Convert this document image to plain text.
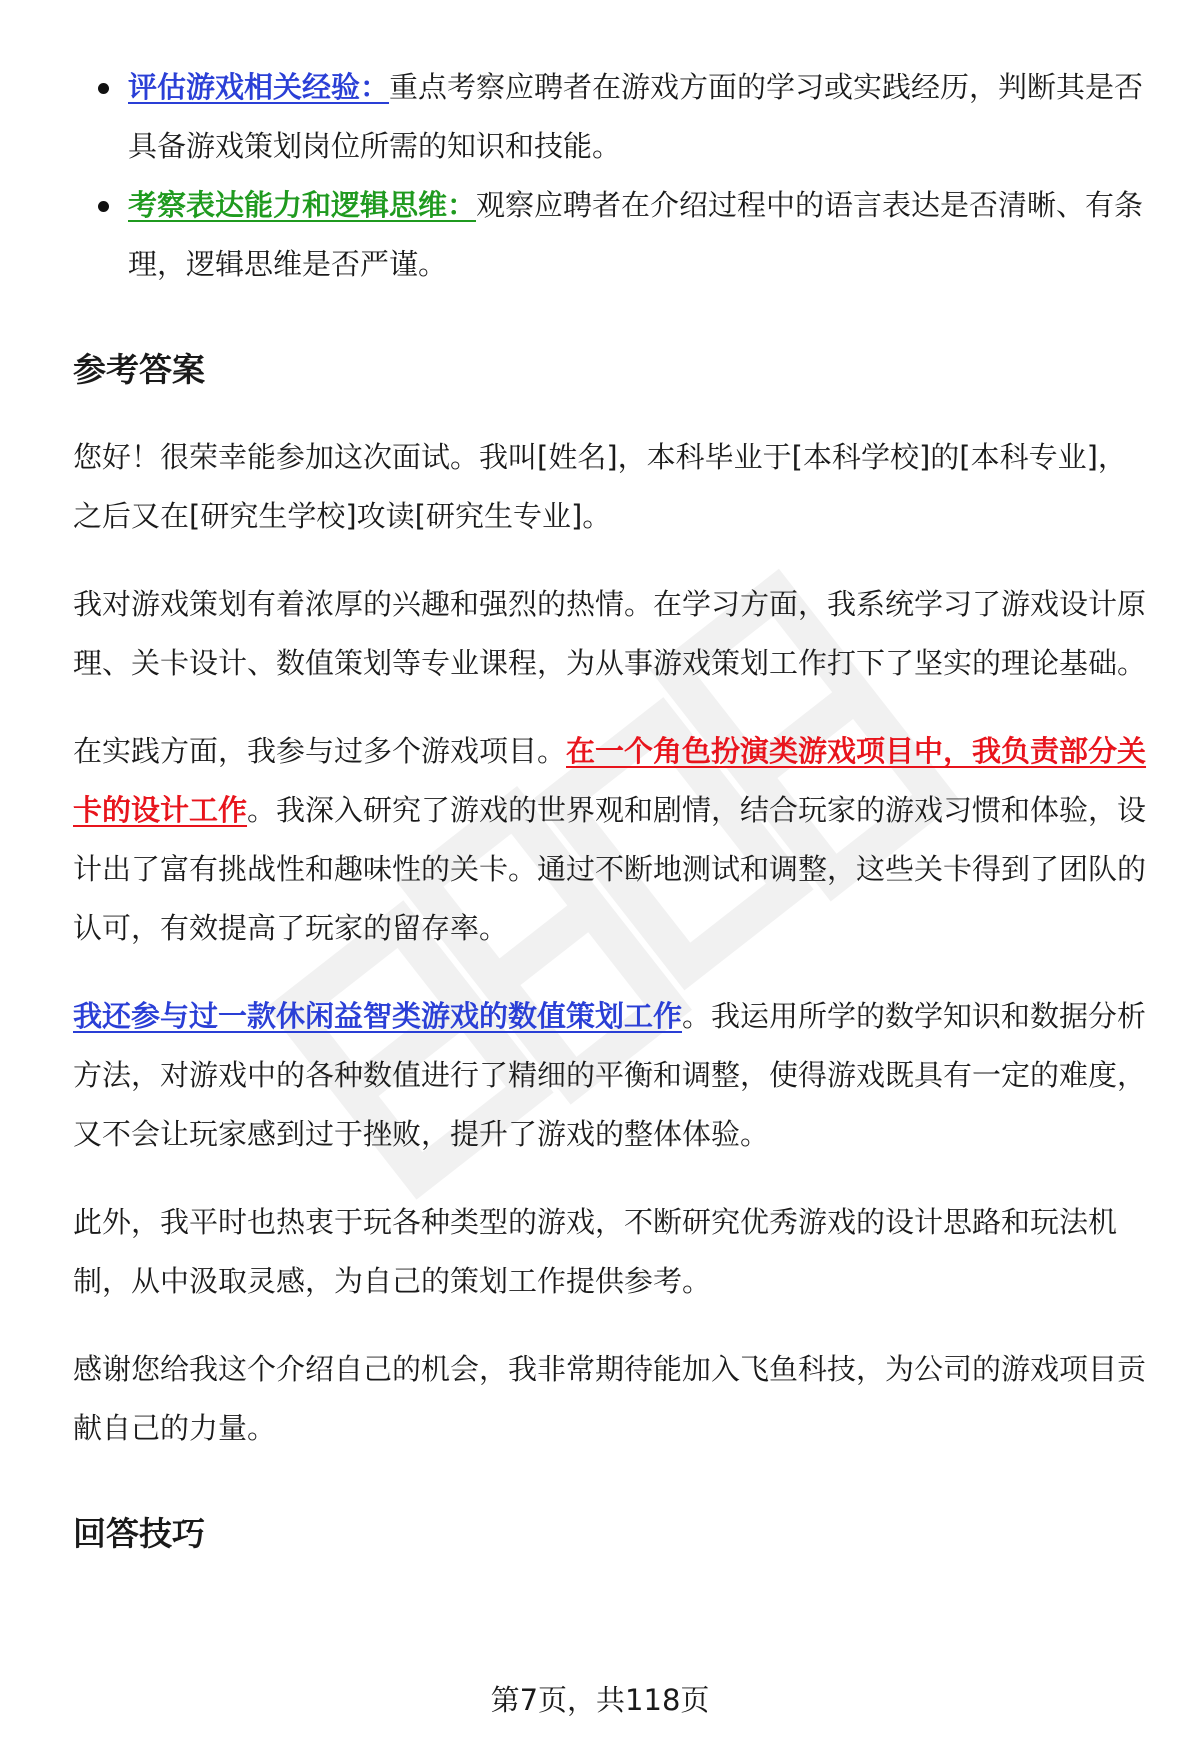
评估游戏相关经验：重点考察应聘者在游戏方面的学习或实践经历，判断其是否具备游戏策划岗位所需的知识和技能。
考察表达能力和逻辑思维：观察应聘者在介绍过程中的语言表达是否清晰、有条理，逻辑思维是否严谨。
参考答案

您好！很荣幸能参加这次面试。我叫[姓名]，本科毕业于[本科学校]的[本科专业]，之后又在[研究生学校]攻读[研究生专业]。

我对游戏策划有着浓厚的兴趣和强烈的热情。在学习方面，我系统学习了游戏设计原理、关卡设计、数值策划等专业课程，为从事游戏策划工作打下了坚实的理论基础。

在实践方面，我参与过多个游戏项目。在一个角色扮演类游戏项目中，我负责部分关卡的设计工作。我深入研究了游戏的世界观和剧情，结合玩家的游戏习惯和体验，设计出了富有挑战性和趣味性的关卡。通过不断地测试和调整，这些关卡得到了团队的认可，有效提高了玩家的留存率。

我还参与过一款休闲益智类游戏的数值策划工作。我运用所学的数学知识和数据分析方法，对游戏中的各种数值进行了精细的平衡和调整，使得游戏既具有一定的难度，又不会让玩家感到过于挫败，提升了游戏的整体体验。

此外，我平时也热衷于玩各种类型的游戏，不断研究优秀游戏的设计思路和玩法机制，从中汲取灵感，为自己的策划工作提供参考。

感谢您给我这个介绍自己的机会，我非常期待能加入飞鱼科技，为公司的游戏项目贡献自己的力量。

回答技巧
第7页，共118页
